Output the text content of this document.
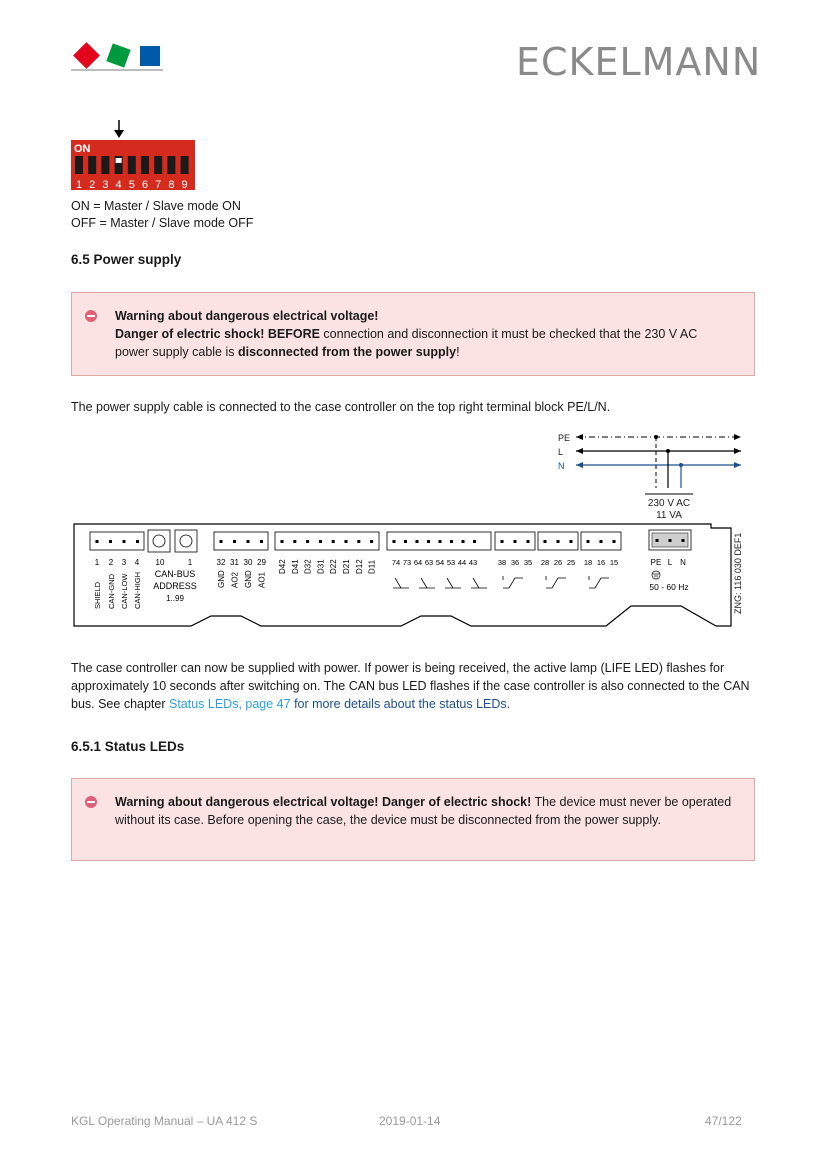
ECKELMANN
ON
1 2 3 4 5 6 7 8 9
ON = Master / Slave mode ON
OFF = Master / Slave mode OFF
6.5 Power supply
Warning about dangerous electrical voltage!
Danger of electric shock! BEFORE connection and disconnection it must be checked that the 230 V AC power supply cable is disconnected from the power supply!
The power supply cable is connected to the case controller on the top right terminal block PE/L/N.
PE
L
N
230 V AC
11 VA
ZNG: 116 030 DEF1
1 2 3 4
SHIELD CAN-GND CAN-LOW CAN-HIGH
10	1
CAN-BUS
ADDRESS
1..99
32 31 30 29
GND AO2 GND AO1
D42 D41 D32 D31 D22 D21 D12 D11 74 73 64 63 54 53 44 43	38 36 35 28 26 25 18 16 15	PE L N
50 - 60 Hz
The case controller can now be supplied with power. If power is being received, the active lamp (LIFE LED) flashes for approximately 10 seconds after switching on. The CAN bus LED flashes if the case controller is also connected to the CAN bus. See chapter Status LEDs, page 47 for more details about the status LEDs.
6.5.1 Status LEDs
Warning about dangerous electrical voltage! Danger of electric shock! The device must never be operated without its case. Before opening the case, the device must be disconnected from the power supply.
KGL Operating Manual – UA 412 S	2019-01-14	47/122
